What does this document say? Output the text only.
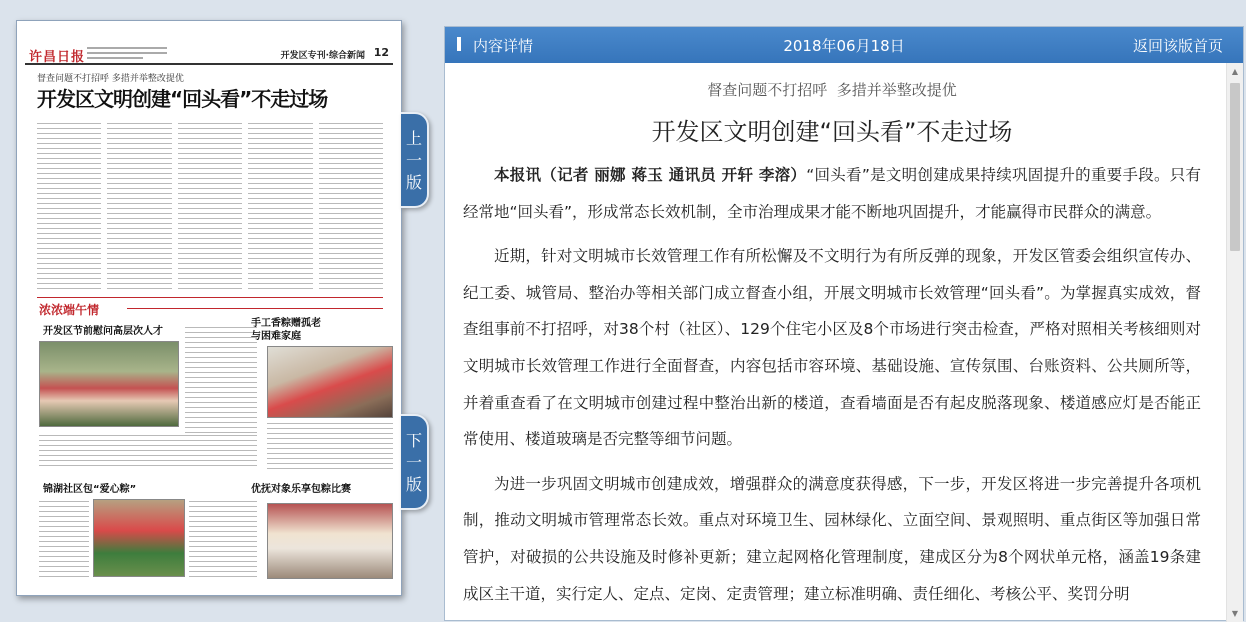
许昌日报	开发区专刊·综合新闻 12
督查问题不打招呼 多措并举整改提优
开发区文明创建“回头看”不走过场
浓浓端午情
开发区节前慰问高层次人才
手工香粽赠孤老
与困难家庭
锦湖社区包“爱心粽”	优抚对象乐享包粽比赛
上
一
版
下
一
版
内容详情	2018年06月18日	返回该版首页
督查问题不打招呼  多措并举整改提优
开发区文明创建“回头看”不走过场

本报讯（记者 丽娜 蒋玉 通讯员 开轩 李溶）“回头看”是文明创建成果持续巩固提升的重要手段。只有经常地“回头看”，形成常态长效机制，全市治理成果才能不断地巩固提升，才能赢得市民群众的满意。

近期，针对文明城市长效管理工作有所松懈及不文明行为有所反弹的现象，开发区管委会组织宣传办、纪工委、城管局、整治办等相关部门成立督查小组，开展文明城市长效管理“回头看”。为掌握真实成效，督查组事前不打招呼，对38个村（社区）、129个住宅小区及8个市场进行突击检查，严格对照相关考核细则对文明城市长效管理工作进行全面督查，内容包括市容环境、基础设施、宣传氛围、台账资料、公共厕所等，并着重查看了在文明城市创建过程中整治出新的楼道，查看墙面是否有起皮脱落现象、楼道感应灯是否能正常使用、楼道玻璃是否完整等细节问题。

为进一步巩固文明城市创建成效，增强群众的满意度获得感，下一步，开发区将进一步完善提升各项机制，推动文明城市管理常态长效。重点对环境卫生、园林绿化、立面空间、景观照明、重点街区等加强日常管护，对破损的公共设施及时修补更新；建立起网格化管理制度，建成区分为8个网状单元格，涵盖19条建成区主干道，实行定人、定点、定岗、定责管理；建立标准明确、责任细化、考核公平、奖罚分明

▲
▼
